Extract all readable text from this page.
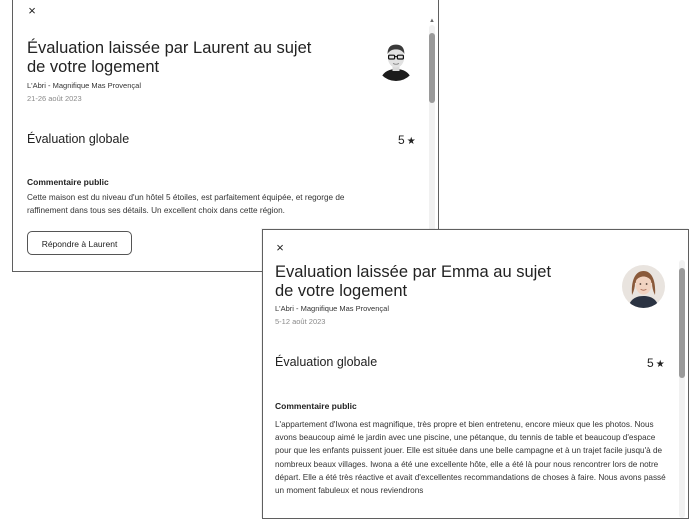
×
Évaluation laissée par Laurent au sujet de votre logement
L'Abri - Magnifique Mas Provençal
21-26 août 2023
Évaluation globale	5 ★
Commentaire public

Cette maison est du niveau d'un hôtel 5 étoiles, est parfaitement équipée, et regorge de raffinement dans tous ses détails. Un excellent choix dans cette région.

Répondre à Laurent
▲
×
Evaluation laissée par Emma au sujet de votre logement
L'Abri - Magnifique Mas Provençal
5-12 août 2023
Évaluation globale	5 ★
Commentaire public

L'appartement d'Iwona est magnifique, très propre et bien entretenu, encore mieux que les photos. Nous avons beaucoup aimé le jardin avec une piscine, une pétanque, du tennis de table et beaucoup d'espace pour que les enfants puissent jouer. Elle est située dans une belle campagne et à un trajet facile jusqu'à de nombreux beaux villages. Iwona a été une excellente hôte, elle a été là pour nous rencontrer lors de notre départ. Elle a été très réactive et avait d'excellentes recommandations de choses à faire. Nous avons passé un moment fabuleux et nous reviendrons
